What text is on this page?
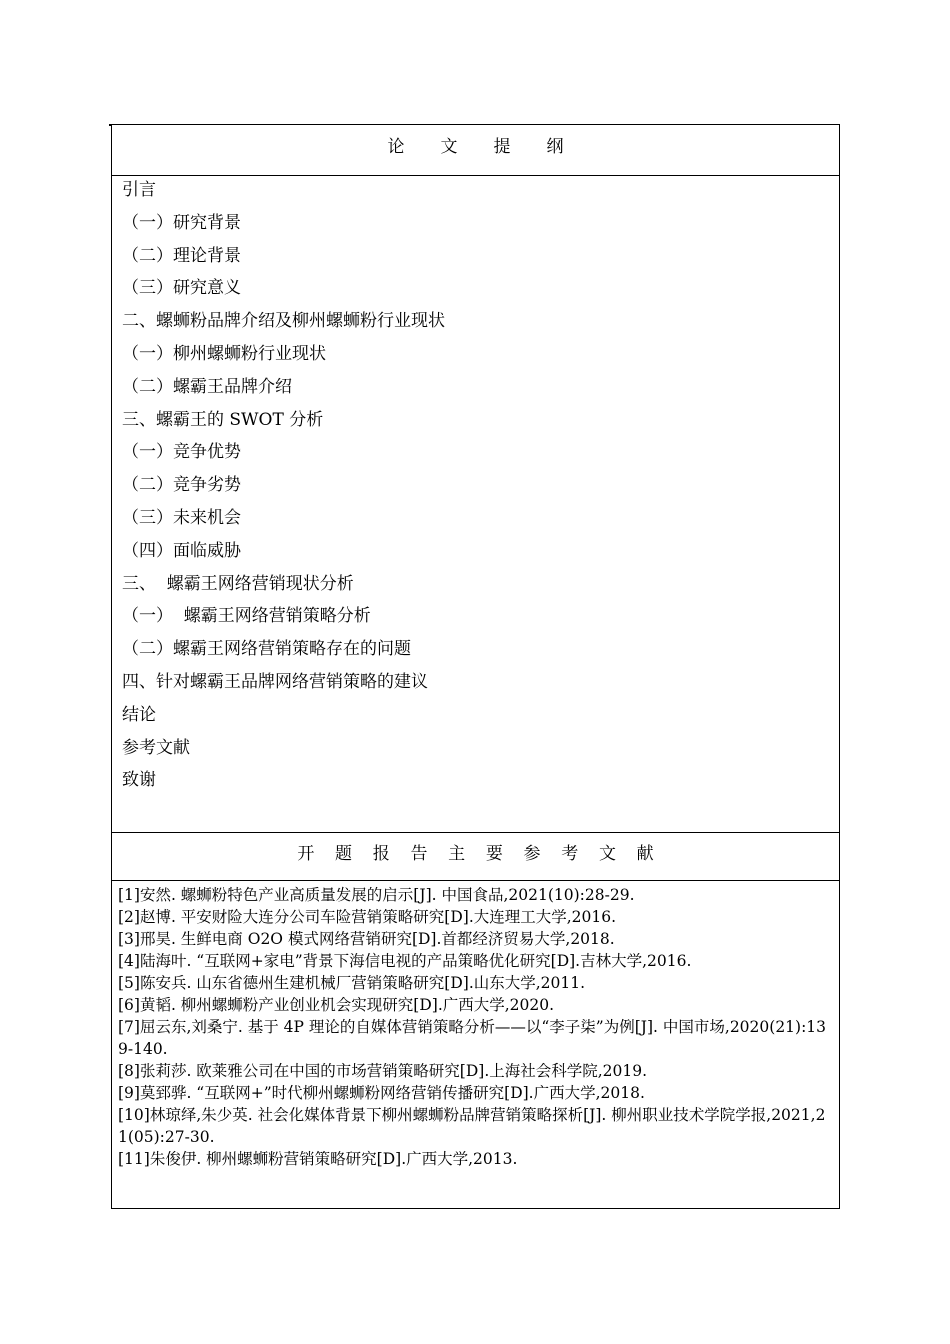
论 文 提 纲
引言
（一）研究背景
（二）理论背景
（三）研究意义
二、螺蛳粉品牌介绍及柳州螺蛳粉行业现状
（一）柳州螺蛳粉行业现状
（二）螺霸王品牌介绍
三、螺霸王的 SWOT 分析
（一）竞争优势
（二）竞争劣势
（三）未来机会
（四）面临威胁
三、  螺霸王网络营销现状分析
（一）  螺霸王网络营销策略分析
（二）螺霸王网络营销策略存在的问题
四、针对螺霸王品牌网络营销策略的建议
结论
参考文献
致谢
开 题 报 告 主 要 参 考 文 献
[1]安然. 螺蛳粉特色产业高质量发展的启示[J]. 中国食品,2021(10):28-29.
[2]赵博. 平安财险大连分公司车险营销策略研究[D].大连理工大学,2016.
[3]邢昊. 生鲜电商 O2O 模式网络营销研究[D].首都经济贸易大学,2018.
[4]陆海叶. “互联网+家电”背景下海信电视的产品策略优化研究[D].吉林大学,2016.
[5]陈安兵. 山东省德州生建机械厂营销策略研究[D].山东大学,2011.
[6]黄韬. 柳州螺蛳粉产业创业机会实现研究[D].广西大学,2020.
[7]屈云东,刘桑宁. 基于 4P 理论的自媒体营销策略分析——以“李子柒”为例[J]. 中国市场,2020(21):139-140.
[8]张莉莎. 欧莱雅公司在中国的市场营销策略研究[D].上海社会科学院,2019.
[9]莫郅骅. “互联网+”时代柳州螺蛳粉网络营销传播研究[D].广西大学,2018.
[10]林琼绎,朱少英. 社会化媒体背景下柳州螺蛳粉品牌营销策略探析[J]. 柳州职业技术学院学报,2021,21(05):27-30.
[11]朱俊伊. 柳州螺蛳粉营销策略研究[D].广西大学,2013.
